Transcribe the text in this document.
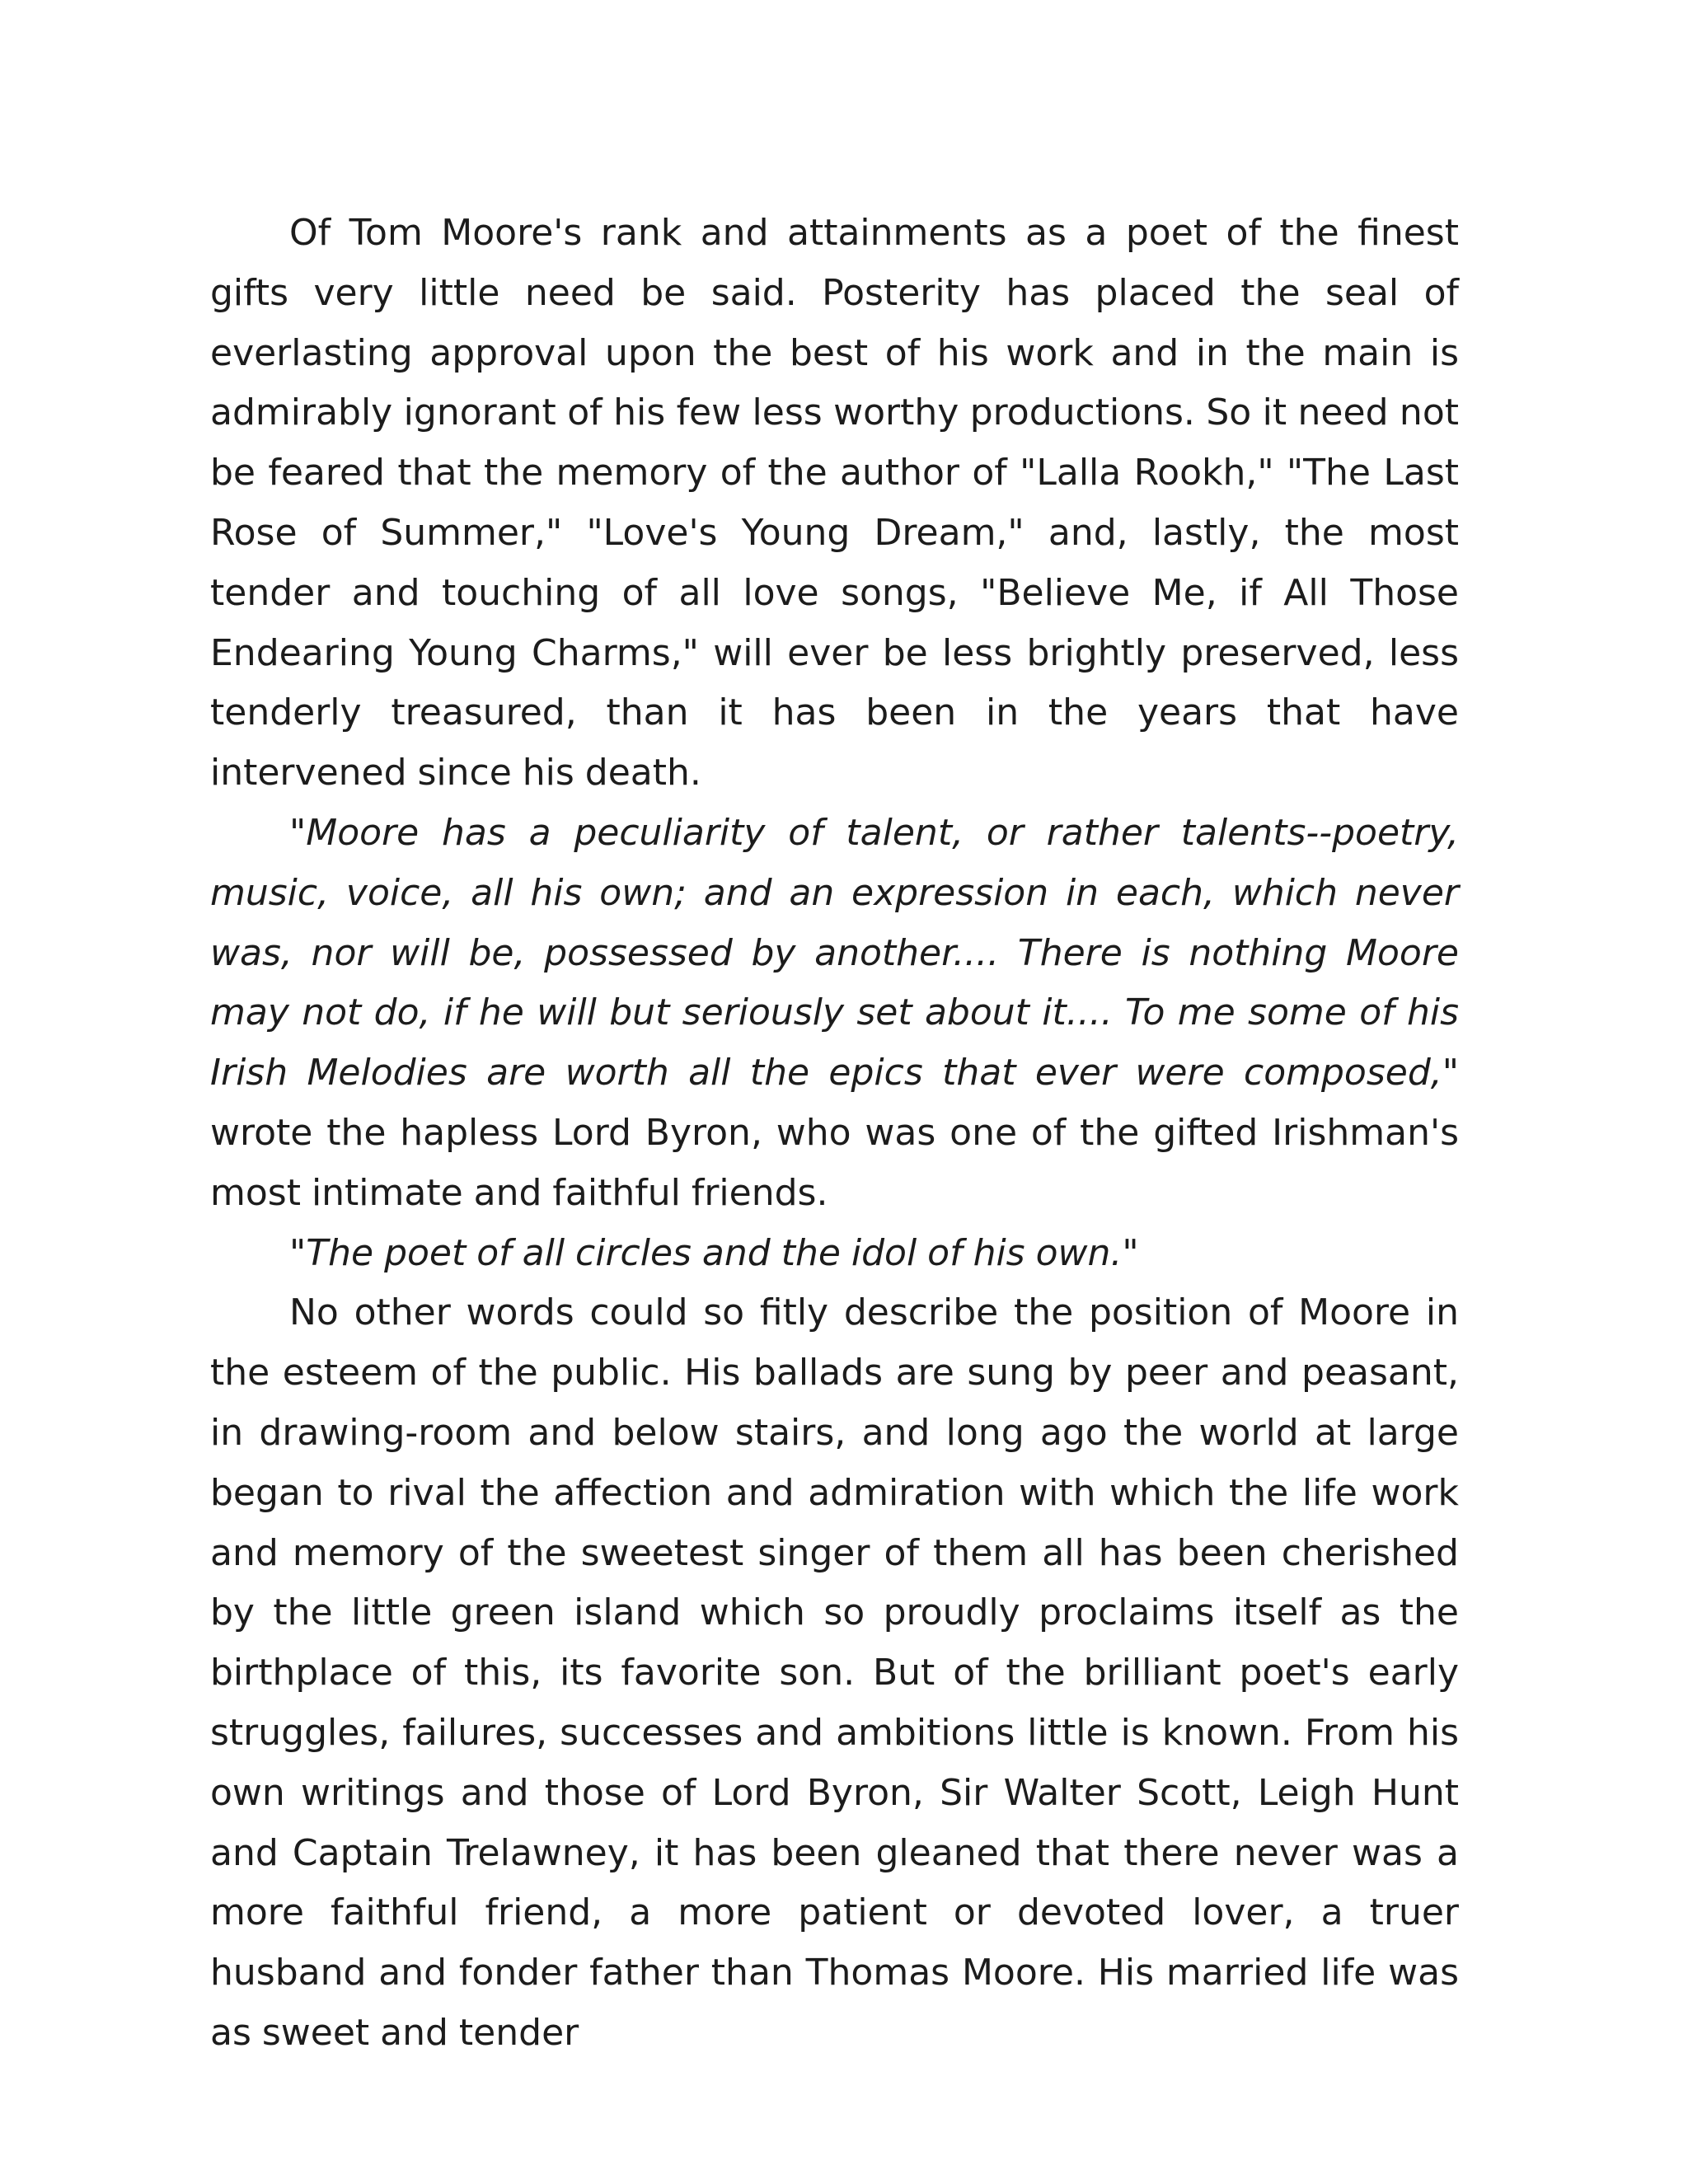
Of Tom Moore's rank and attainments as a poet of the finest gifts very little need be said. Posterity has placed the seal of everlasting approval upon the best of his work and in the main is admirably ignorant of his few less worthy productions. So it need not be feared that the memory of the author of "Lalla Rookh," "The Last Rose of Summer," "Love's Young Dream," and, lastly, the most tender and touching of all love songs, "Believe Me, if All Those Endearing Young Charms," will ever be less brightly preserved, less tenderly treasured, than it has been in the years that have intervened since his death.

"Moore has a peculiarity of talent, or rather talents--poetry, music, voice, all his own; and an expression in each, which never was, nor will be, possessed by another.... There is nothing Moore may not do, if he will but seriously set about it.... To me some of his Irish Melodies are worth all the epics that ever were composed," wrote the hapless Lord Byron, who was one of the gifted Irishman's most intimate and faithful friends.

"The poet of all circles and the idol of his own."

No other words could so fitly describe the position of Moore in the esteem of the public. His ballads are sung by peer and peasant, in drawing-room and below stairs, and long ago the world at large began to rival the affection and admiration with which the life work and memory of the sweetest singer of them all has been cherished by the little green island which so proudly proclaims itself as the birthplace of this, its favorite son. But of the brilliant poet's early struggles, failures, successes and ambitions little is known. From his own writings and those of Lord Byron, Sir Walter Scott, Leigh Hunt and Captain Trelawney, it has been gleaned that there never was a more faithful friend, a more patient or devoted lover, a truer husband and fonder father than Thomas Moore. His married life was as sweet and tender
